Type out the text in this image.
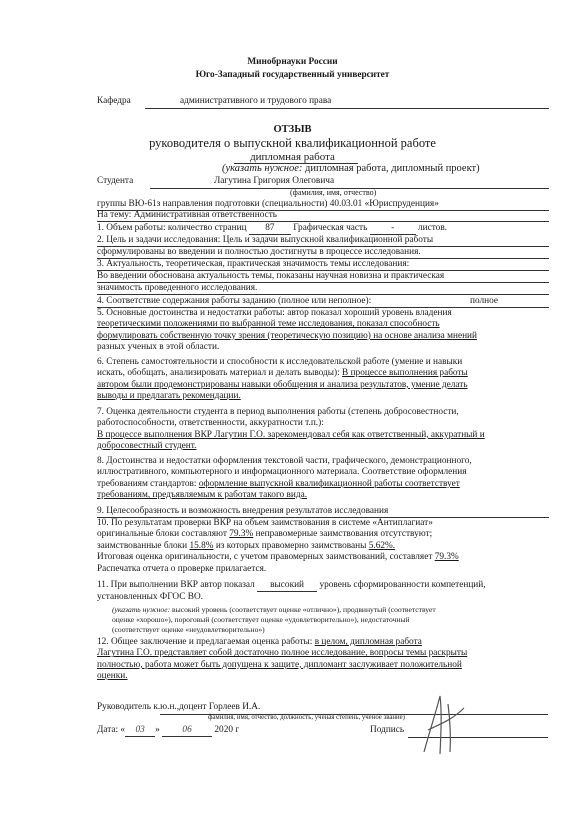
Минобрнауки России
Юго-Западный государственный университет
Кафедра	административного и трудового права
ОТЗЫВ
руководителя о выпускной квалификационной работе
дипломная работа
(указать нужное: дипломная работа, дипломный проект)
Студента	Лагутина Григория Олеговича
(фамилия, имя, отчество)
группы ВЮ-61з направления подготовки (специальности) 40.03.01 «Юриспруденция»
На тему: Административная ответственность
1. Объем работы: количество страниц 87 Графическая часть	-	листов.
2. Цель и задачи исследования: Цель и задачи выпускной квалификационной работы
сформулированы во введении и полностью достигнуты в процессе исследования.
3. Актуальность, теоретическая, практическая значимость темы исследования:
Во введении обоснована актуальность темы, показаны научная новизна и практическая
значимость проведенного исследования.
4. Соответствие содержания работы заданию (полное или неполное):	полное
5. Основные достоинства и недостатки работы: автор показал хороший уровень владения
теоретическими положениями по выбранной теме исследования, показал способность
формулировать собственную точку зрения (теоретическую позицию) на основе анализа мнений
разных ученых в этой области.
6. Степень самостоятельности и способности к исследовательской работе (умение и навыки
искать, обобщать, анализировать материал и делать выводы): В процессе выполнения работы
автором были продемонстрированы навыки обобщения и анализа результатов, умение делать
выводы и предлагать рекомендации.
7. Оценка деятельности студента в период выполнения работы (степень добросовестности,
работоспособности, ответственности, аккуратности т.п.):
В процессе выполнения ВКР Лагутин Г.О. зарекомендовал себя как ответственный, аккуратный и
добросовестный студент.
8. Достоинства и недостатки оформления текстовой части, графического, демонстрационного,
иллюстративного, компьютерного и информационного материала. Соответствие оформления
требованиям стандартов: оформление выпускной квалификационной работы соответствует
требованиям, предъявляемым к работам такого вида.
9. Целесообразность и возможность внедрения результатов исследования
10. По результатам проверки ВКР на объем заимствования в системе «Антиплагиат»
оригинальные блоки составляют 79.3% неправомерные заимствования отсутствуют;
заимствованные блоки 15.8% из которых правомерно заимствованы 5.62%.
Итоговая оценка оригинальности, с учетом правомерных заимствований, составляет 79.3%
Распечатка отчета о проверке прилагается.
11. При выполнении ВКР автор показал высокий уровень сформированности компетенций,
установленных ФГОС ВО.
(указать нужное: высокий уровень (соответствует оценке «отлично»), продвинутый (соответствует
оценке «хорошо»), пороговый (соответствует оценке «удовлетворительно»), недостаточный
(соответствует оценке «неудовлетворительно»)
12. Общее заключение и предлагаемая оценка работы: в целом, дипломная работа
Лагутина Г.О. представляет собой достаточно полное исследование, вопросы темы раскрыты
полностью, работа может быть допущена к защите, дипломант заслуживает положительной
оценки.
Руководитель к.ю.н.,доцент Горлеев И.А.
фамилия, имя, отчество, должность, ученая степень, ученое звание)
Дата: « 03 » 06 2020 г	Подпись
